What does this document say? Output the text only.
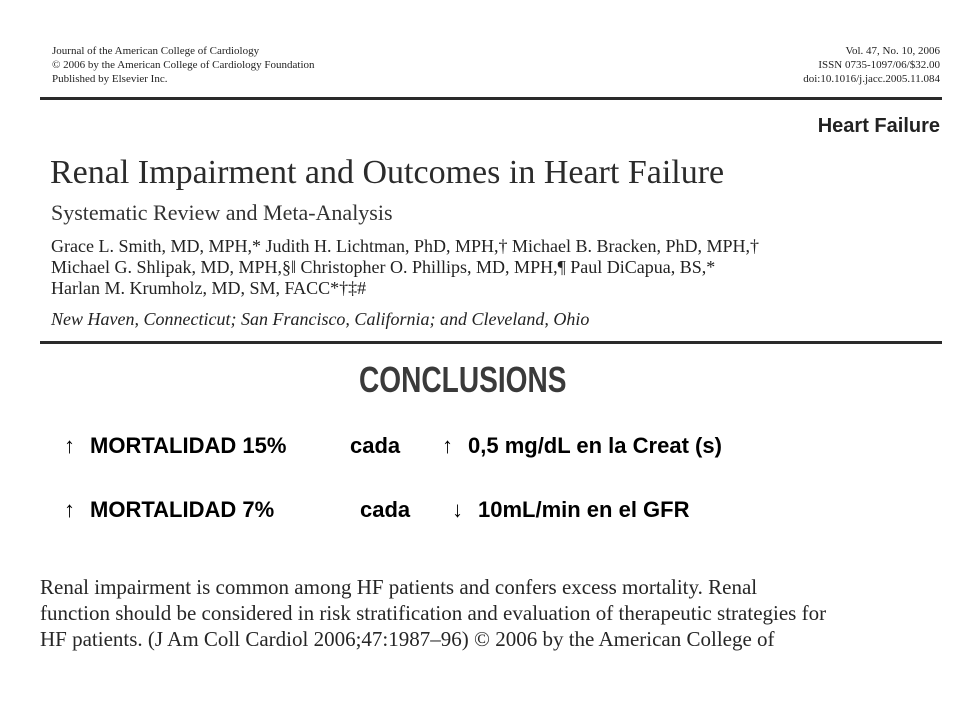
Journal of the American College of Cardiology
© 2006 by the American College of Cardiology Foundation
Published by Elsevier Inc.
Vol. 47, No. 10, 2006
ISSN 0735-1097/06/$32.00
doi:10.1016/j.jacc.2005.11.084
Heart Failure
Renal Impairment and Outcomes in Heart Failure
Systematic Review and Meta-Analysis
Grace L. Smith, MD, MPH,* Judith H. Lichtman, PhD, MPH,† Michael B. Bracken, PhD, MPH,†
Michael G. Shlipak, MD, MPH,§‖ Christopher O. Phillips, MD, MPH,¶ Paul DiCapua, BS,*
Harlan M. Krumholz, MD, SM, FACC*†‡#
New Haven, Connecticut; San Francisco, California; and Cleveland, Ohio
CONCLUSIONS
↑ MORTALIDAD 15%	cada ↑ 0,5 mg/dL en la Creat (s)
↑ MORTALIDAD 7%	cada ↓ 10mL/min en el GFR
Renal impairment is common among HF patients and confers excess mortality. Renal
function should be considered in risk stratification and evaluation of therapeutic strategies for
HF patients. (J Am Coll Cardiol 2006;47:1987–96) © 2006 by the American College of
